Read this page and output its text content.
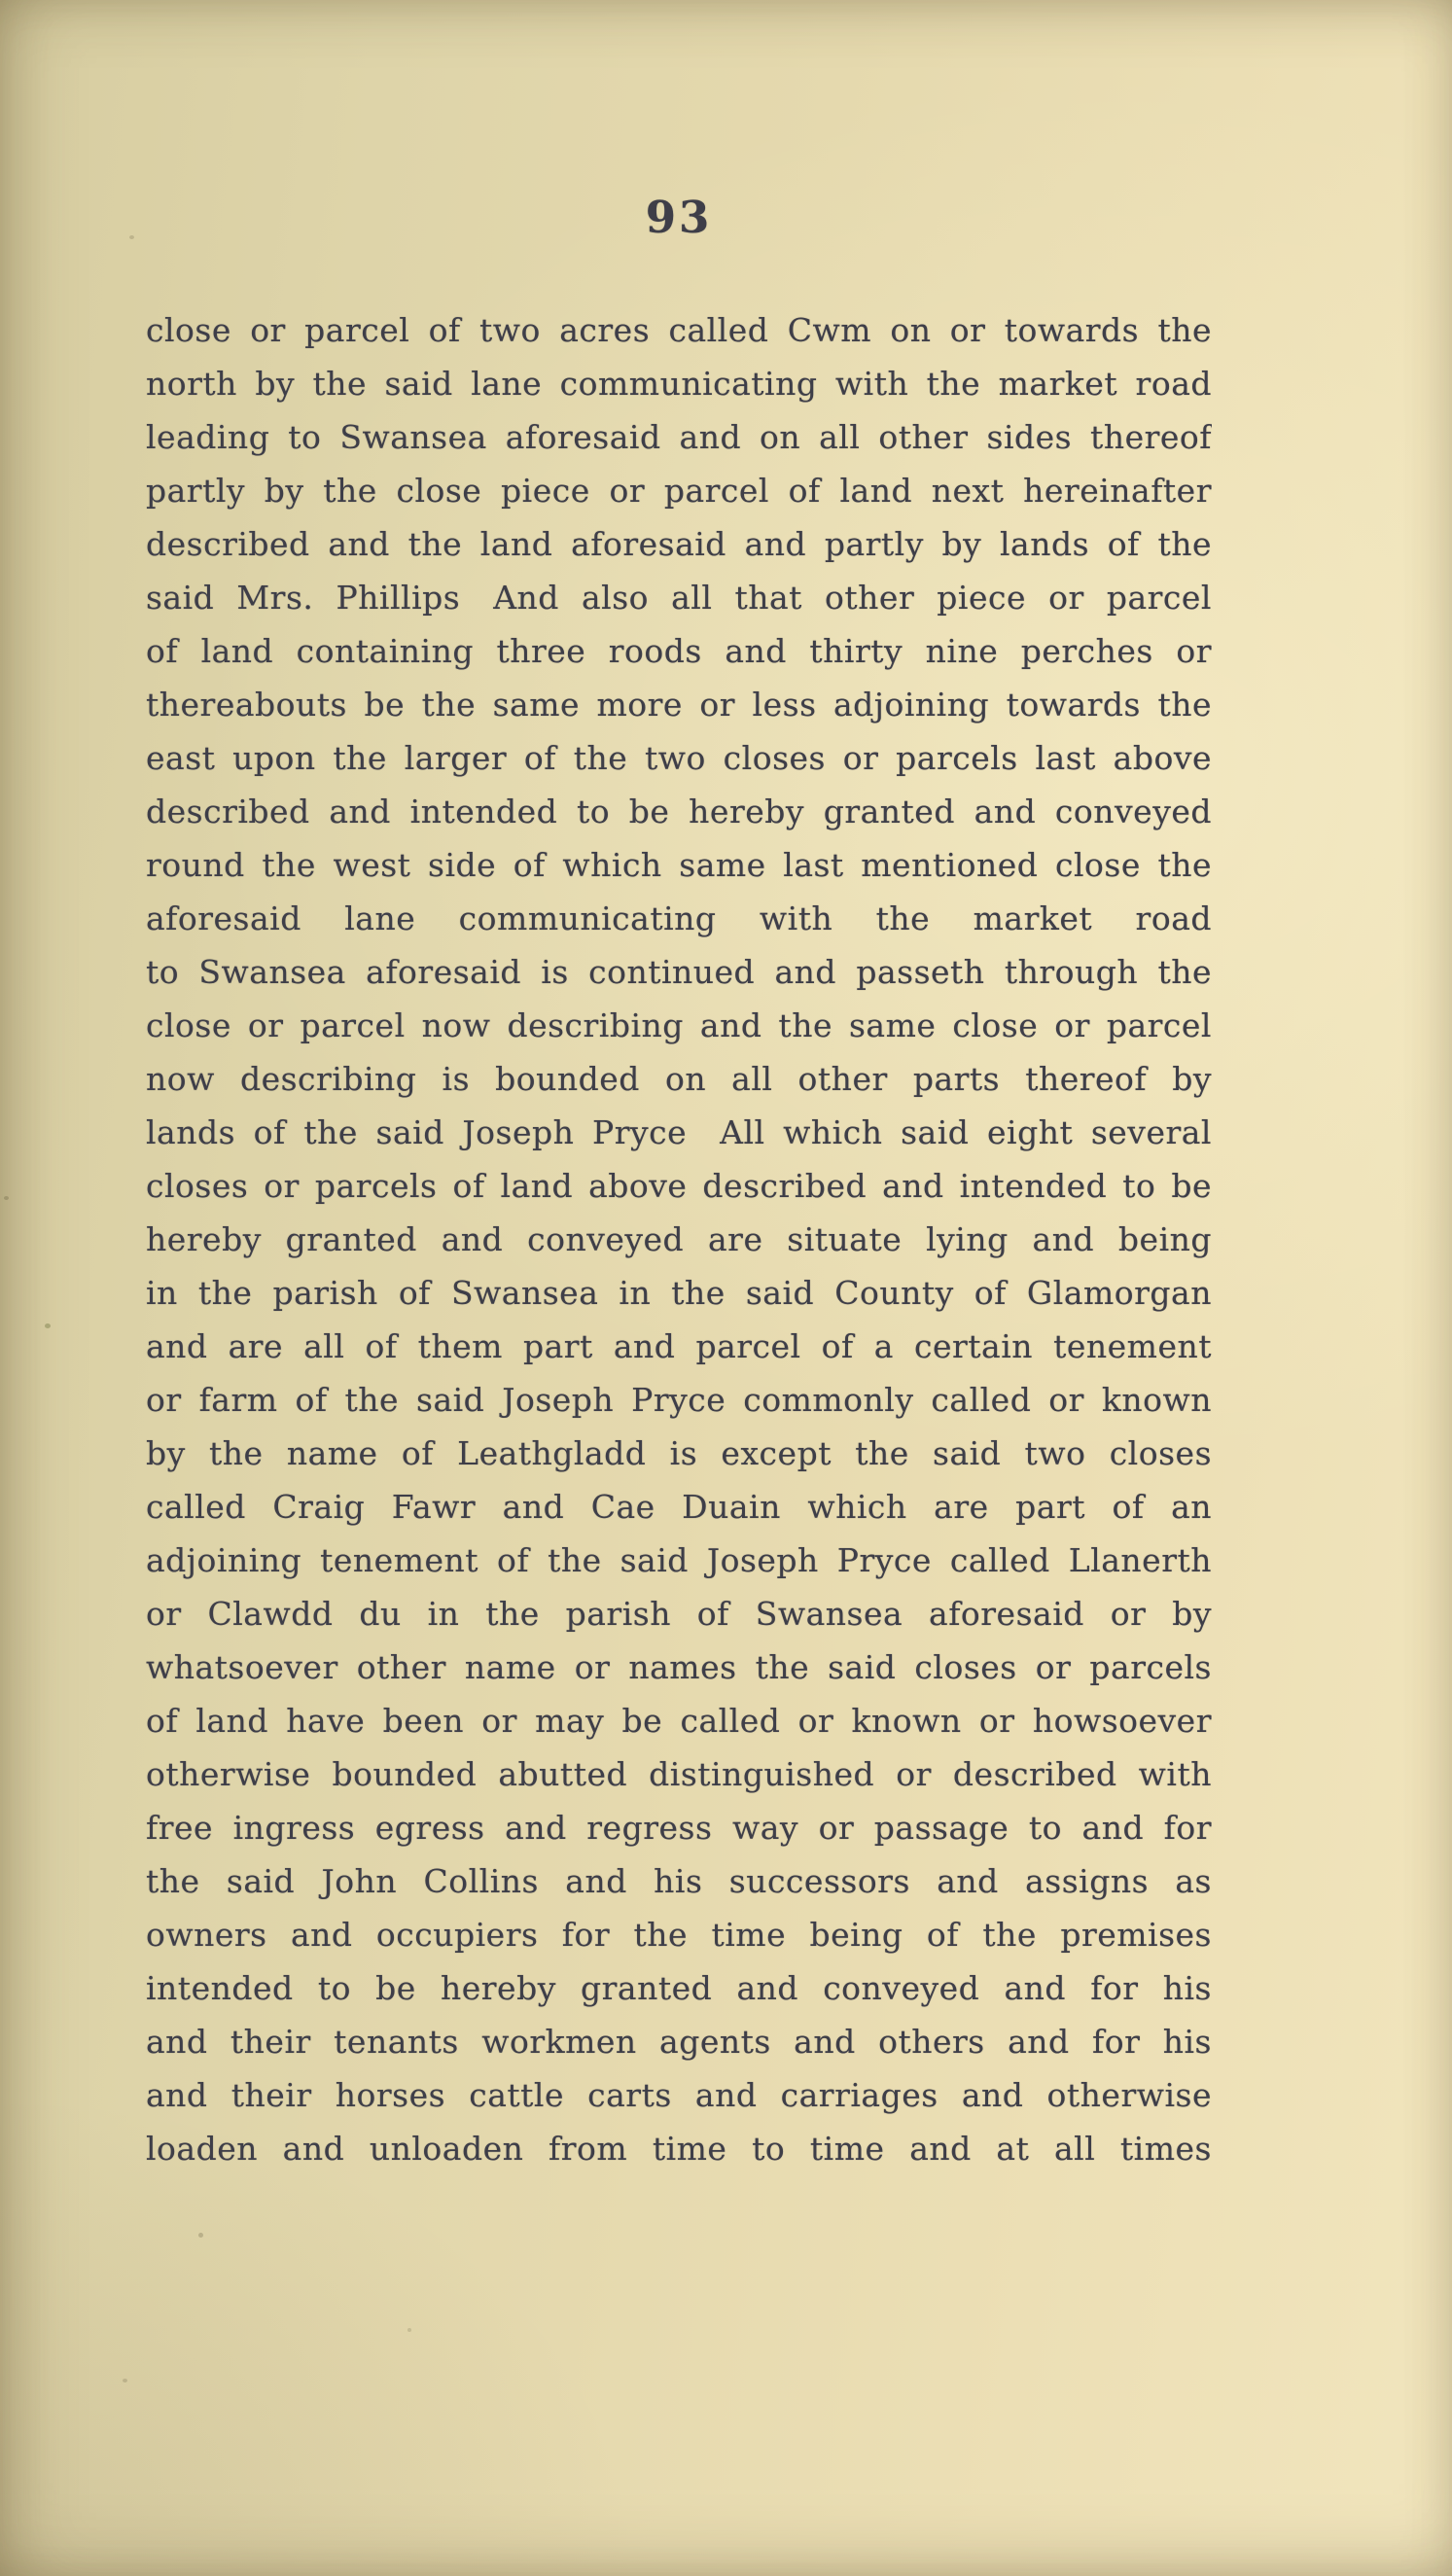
93
close or parcel of two acres called Cwm on or towards the
north by the said lane communicating with the market road
leading to Swansea aforesaid and on all other sides thereof
partly by the close piece or parcel of land next hereinafter
described and the land aforesaid and partly by lands of the
said Mrs. Phillips  And also all that other piece or parcel
of land containing three roods and thirty nine perches or
thereabouts be the same more or less adjoining towards the
east upon the larger of the two closes or parcels last above
described and intended to be hereby granted and conveyed
round the west side of which same last mentioned close the
aforesaid lane communicating with the market road
to Swansea aforesaid is continued and passeth through the
close or parcel now describing and the same close or parcel
now describing is bounded on all other parts thereof by
lands of the said Joseph Pryce  All which said eight several
closes or parcels of land above described and intended to be
hereby granted and conveyed are situate lying and being
in the parish of Swansea in the said County of Glamorgan
and are all of them part and parcel of a certain tenement
or farm of the said Joseph Pryce commonly called or known
by the name of Leathgladd is except the said two closes
called Craig Fawr and Cae Duain which are part of an
adjoining tenement of the said Joseph Pryce called Llanerth
or Clawdd du in the parish of Swansea aforesaid or by
whatsoever other name or names the said closes or parcels
of land have been or may be called or known or howsoever
otherwise bounded abutted distinguished or described with
free ingress egress and regress way or passage to and for
the said John Collins and his successors and assigns as
owners and occupiers for the time being of the premises
intended to be hereby granted and conveyed and for his
and their tenants workmen agents and others and for his
and their horses cattle carts and carriages and otherwise
loaden and unloaden from time to time and at all times
